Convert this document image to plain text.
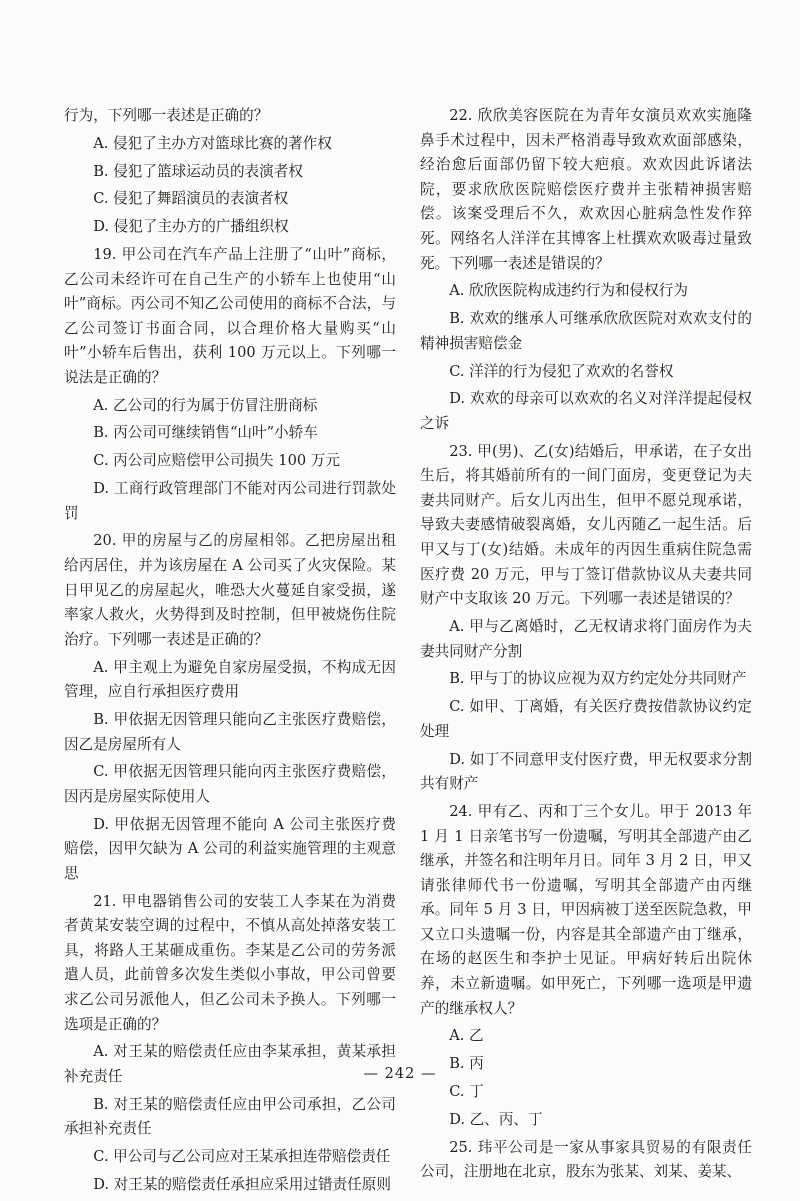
行为，下列哪一表述是正确的？

A. 侵犯了主办方对篮球比赛的著作权

B. 侵犯了篮球运动员的表演者权

C. 侵犯了舞蹈演员的表演者权

D. 侵犯了主办方的广播组织权

19. 甲公司在汽车产品上注册了“山叶”商标，乙公司未经许可在自己生产的小轿车上也使用“山叶”商标。丙公司不知乙公司使用的商标不合法，与乙公司签订书面合同，以合理价格大量购买“山叶”小轿车后售出，获利 100 万元以上。下列哪一说法是正确的？

A. 乙公司的行为属于仿冒注册商标

B. 丙公司可继续销售“山叶”小轿车

C. 丙公司应赔偿甲公司损失 100 万元

D. 工商行政管理部门不能对丙公司进行罚款处罚

20. 甲的房屋与乙的房屋相邻。乙把房屋出租给丙居住，并为该房屋在 A 公司买了火灾保险。某日甲见乙的房屋起火，唯恐大火蔓延自家受损，遂率家人救火，火势得到及时控制，但甲被烧伤住院治疗。下列哪一表述是正确的？

A. 甲主观上为避免自家房屋受损，不构成无因管理，应自行承担医疗费用

B. 甲依据无因管理只能向乙主张医疗费赔偿，因乙是房屋所有人

C. 甲依据无因管理只能向丙主张医疗费赔偿，因丙是房屋实际使用人

D. 甲依据无因管理不能向 A 公司主张医疗费赔偿，因甲欠缺为 A 公司的利益实施管理的主观意思

21. 甲电器销售公司的安装工人李某在为消费者黄某安装空调的过程中，不慎从高处掉落安装工具，将路人王某砸成重伤。李某是乙公司的劳务派遣人员，此前曾多次发生类似小事故，甲公司曾要求乙公司另派他人，但乙公司未予换人。下列哪一选项是正确的？

A. 对王某的赔偿责任应由李某承担，黄某承担补充责任

B. 对王某的赔偿责任应由甲公司承担，乙公司承担补充责任

C. 甲公司与乙公司应对王某承担连带赔偿责任

D. 对王某的赔偿责任承担应采用过错责任原则

22. 欣欣美容医院在为青年女演员欢欢实施隆鼻手术过程中，因未严格消毒导致欢欢面部感染，经治愈后面部仍留下较大疤痕。欢欢因此诉诸法院，要求欣欣医院赔偿医疗费并主张精神损害赔偿。该案受理后不久，欢欢因心脏病急性发作猝死。网络名人洋洋在其博客上杜撰欢欢吸毒过量致死。下列哪一表述是错误的？

A. 欣欣医院构成违约行为和侵权行为

B. 欢欢的继承人可继承欣欣医院对欢欢支付的精神损害赔偿金

C. 洋洋的行为侵犯了欢欢的名誉权

D. 欢欢的母亲可以欢欢的名义对洋洋提起侵权之诉

23. 甲(男)、乙(女)结婚后，甲承诺，在子女出生后，将其婚前所有的一间门面房，变更登记为夫妻共同财产。后女儿丙出生，但甲不愿兑现承诺，导致夫妻感情破裂离婚，女儿丙随乙一起生活。后甲又与丁(女)结婚。未成年的丙因生重病住院急需医疗费 20 万元，甲与丁签订借款协议从夫妻共同财产中支取该 20 万元。下列哪一表述是错误的？

A. 甲与乙离婚时，乙无权请求将门面房作为夫妻共同财产分割

B. 甲与丁的协议应视为双方约定处分共同财产

C. 如甲、丁离婚，有关医疗费按借款协议约定处理

D. 如丁不同意甲支付医疗费，甲无权要求分割共有财产

24. 甲有乙、丙和丁三个女儿。甲于 2013 年 1 月 1 日亲笔书写一份遗嘱，写明其全部遗产由乙继承，并签名和注明年月日。同年 3 月 2 日，甲又请张律师代书一份遗嘱，写明其全部遗产由丙继承。同年 5 月 3 日，甲因病被丁送至医院急救，甲又立口头遗嘱一份，内容是其全部遗产由丁继承，在场的赵医生和李护士见证。甲病好转后出院休养，未立新遗嘱。如甲死亡，下列哪一选项是甲遗产的继承权人？

A. 乙

B. 丙

C. 丁

D. 乙、丙、丁

25. 玮平公司是一家从事家具贸易的有限责任公司，注册地在北京，股东为张某、刘某、姜某、

— 242 —
